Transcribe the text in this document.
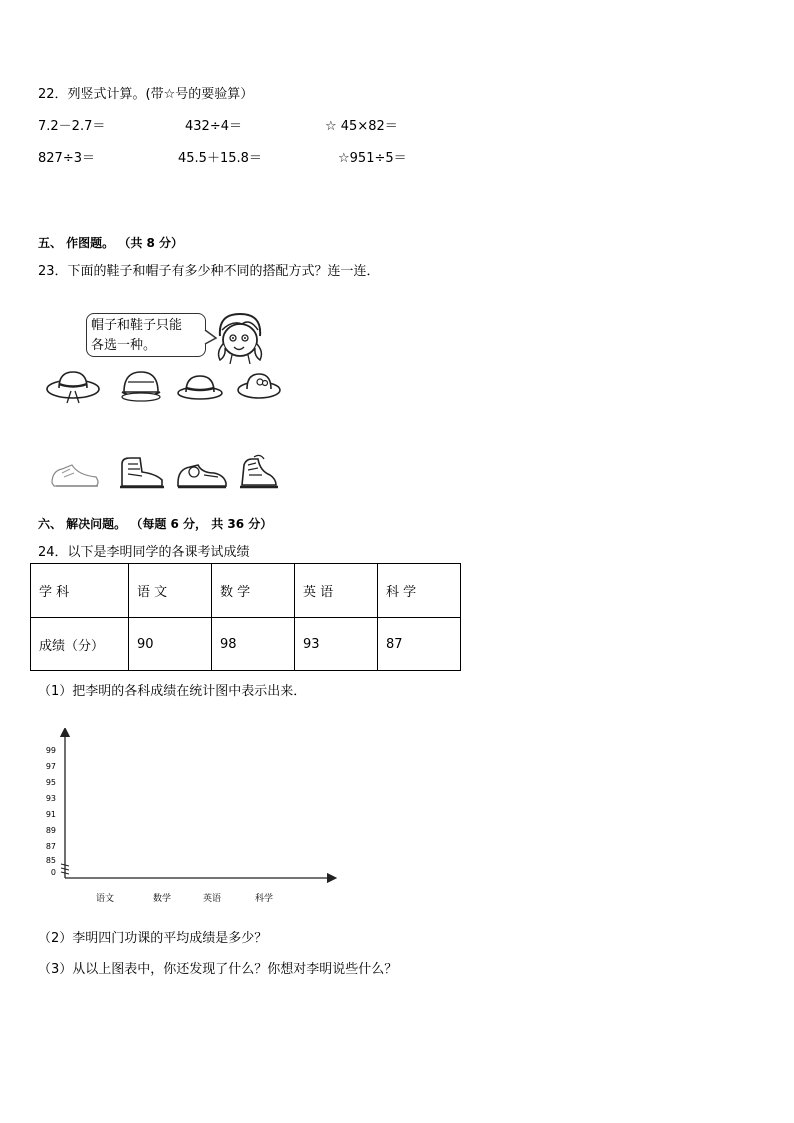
22．列竖式计算。(带☆号的要验算）
7.2－2.7＝	432÷4＝	☆ 45×82＝
827÷3＝	45.5＋15.8＝	☆951÷5＝
五、 作图题。 （共 8 分）
23．下面的鞋子和帽子有多少种不同的搭配方式？连一连．
帽子和鞋子只能
各选一种。
六、 解决问题。 （每题 6 分， 共 36 分）
24．以下是李明同学的各课考试成绩
学 科	语 文	数 学	英 语	科 学
成绩（分）	90	98	93	87
（1）把李明的各科成绩在统计图中表示出来．
99
97
95
93
91
89
87
85
0
语文	数学	英语	科学
（2）李明四门功课的平均成绩是多少？
（3）从以上图表中，你还发现了什么？你想对李明说些什么？
